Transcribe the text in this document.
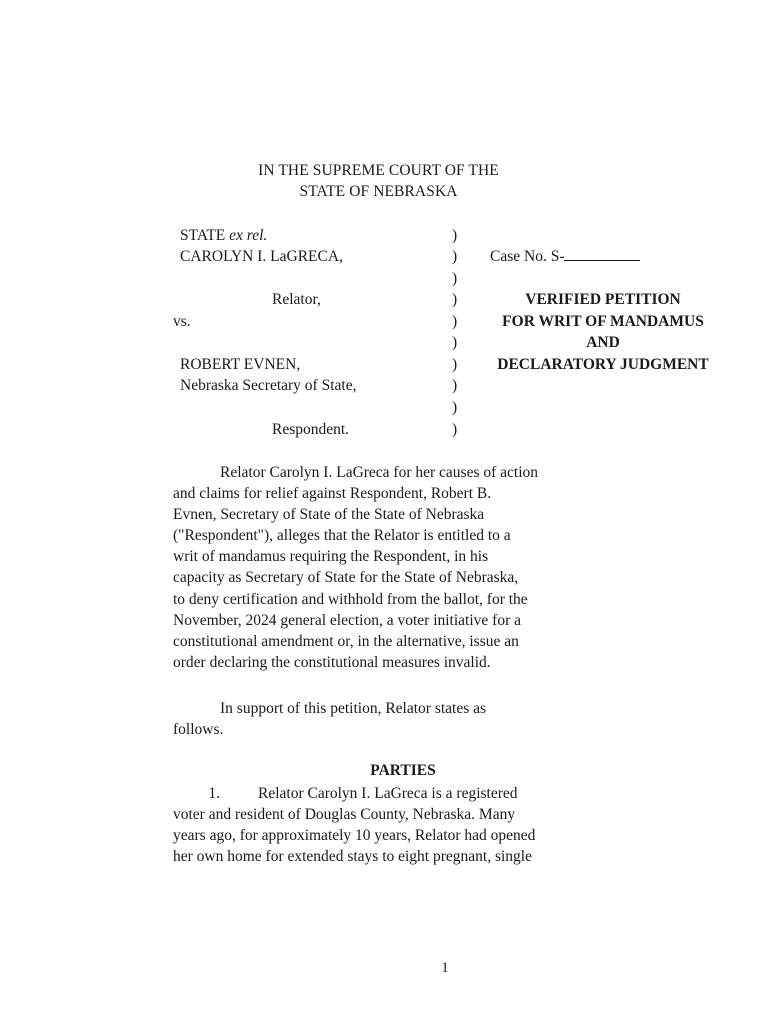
IN THE SUPREME COURT OF THE
STATE OF NEBRASKA
STATE ex rel.
CAROLYN I. LaGRECA,
Relator,
vs.
ROBERT EVNEN,
Nebraska Secretary of State,
Respondent.
)
)
)
)
)
)
)
)
)
)
Case No. S-
VERIFIED PETITION
FOR WRIT OF MANDAMUS
AND
DECLARATORY JUDGMENT
Relator Carolyn I. LaGreca for her causes of action
and claims for relief against Respondent, Robert B.
Evnen, Secretary of State of the State of Nebraska
("Respondent"), alleges that the Relator is entitled to a
writ of mandamus requiring the Respondent, in his
capacity as Secretary of State for the State of Nebraska,
to deny certification and withhold from the ballot, for the
November, 2024 general election, a voter initiative for a
constitutional amendment or, in the alternative, issue an
order declaring the constitutional measures invalid.
In support of this petition, Relator states as
follows.
PARTIES
1. Relator Carolyn I. LaGreca is a registered
voter and resident of Douglas County, Nebraska. Many
years ago, for approximately 10 years, Relator had opened
her own home for extended stays to eight pregnant, single
1
